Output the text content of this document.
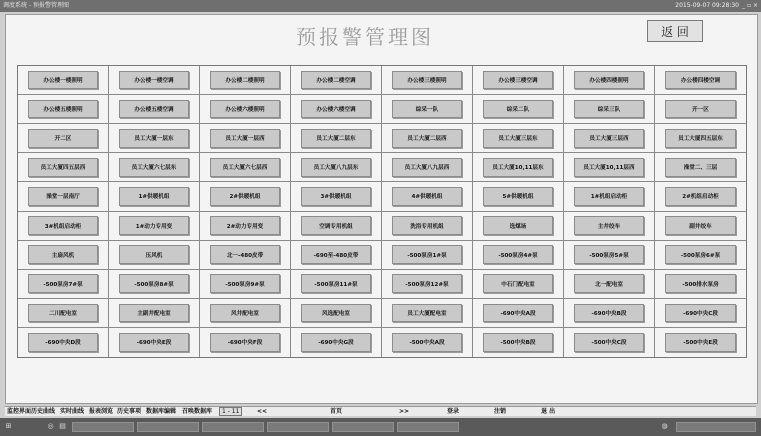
调度系统 - 预报警管理图	2015-09-07 09:28:30 _ ▫ ×
预报警管理图	返 回
办公楼一楼照明	办公楼一楼空调	办公楼二楼照明	办公楼二楼空调	办公楼三楼照明	办公楼三楼空调	办公楼四楼照明	办公楼四楼空调
办公楼五楼照明	办公楼五楼空调	办公楼六楼照明	办公楼六楼空调	综采一队	综采二队	综采三队	开一区
开二区	员工大厦一层东	员工大厦一层西	员工大厦二层东	员工大厦二层西	员工大厦三层东	员工大厦三层西	员工大厦四五层东
员工大厦四五层西	员工大厦六七层东	员工大厦六七层西	员工大厦八九层东	员工大厦八九层西	员工大厦10,11层东	员工大厦10,11层西	澡堂二、三层
澡堂一层南厅	1#供暖机组	2#供暖机组	3#供暖机组	4#供暖机组	5#供暖机组	1#机组启动柜	2#机组启动柜
3#机组启动柜	1#动力专用变	2#动力专用变	空调专用机组	洗浴专用机组	选煤场	主井绞车	副井绞车
主扇风机	压风机	北一-480皮带	-690至-480皮带	-500泵房1#泵	-500泵房4#泵	-500泵房5#泵	-500泵房6#泵
-500泵房7#泵	-500泵房8#泵	-500泵房9#泵	-500泵房11#泵	-500泵房12#泵	中石门配电室	北一配电室	-500排水泵房
二川配电室	主副井配电室	风井配电室	风选配电室	员工大厦配电室	-690中央A段	-690中央B段	-690中央C段
-690中央D段	-690中央E段	-690中央F段	-690中央G段	-500中央A段	-500中央B段	-500中央C段	-500中央E段
监控界面 历史曲线 实时曲线 报表浏览 历史事项 数据库编辑 召唤数据库	1 - 11	<<	首页	>>	登录	注销	退 出
⊞	◎ ▤	◍
